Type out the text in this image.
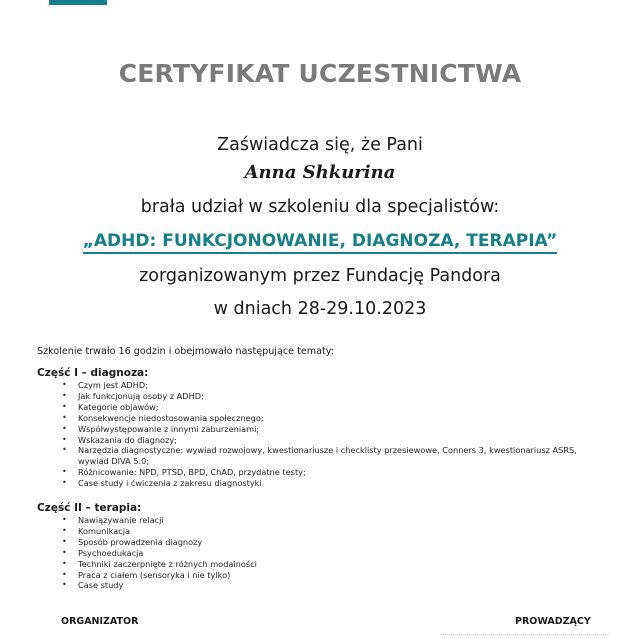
CERTYFIKAT UCZESTNICTWA
Zaświadcza się, że Pani
Anna Shkurina
brała udział w szkoleniu dla specjalistów:
„ADHD: FUNKCJONOWANIE, DIAGNOZA, TERAPIA”
zorganizowanym przez Fundację Pandora
w dniach 28-29.10.2023
Szkolenie trwało 16 godzin i obejmowało następujące tematy:
Część I – diagnoza:
• Czym jest ADHD;
• Jak funkcjonują osoby z ADHD;
• Kategorie objawów;
• Konsekwencje niedostosowania społecznego;
• Współwystępowanie z innymi zaburzeniami;
• Wskazania do diagnozy;
• Narzędzia diagnostyczne: wywiad rozwojowy, kwestionariusze i checklisty przesiewowe, Conners 3, kwestionariusz ASRS, wywiad DIVA 5.0;
• Różnicowanie: NPD, PTSD, BPD, ChAD, przydatne testy;
• Case study i ćwiczenia z zakresu diagnostyki
Część II – terapia:
• Nawiązywanie relacji
• Komunikacja
• Sposób prowadzenia diagnozy
• Psychoedukacja
• Techniki zaczerpnięte z różnych modalności
• Praca z ciałem (sensoryka i nie tylko)
• Case study
ORGANIZATOR	PROWADZĄCY
